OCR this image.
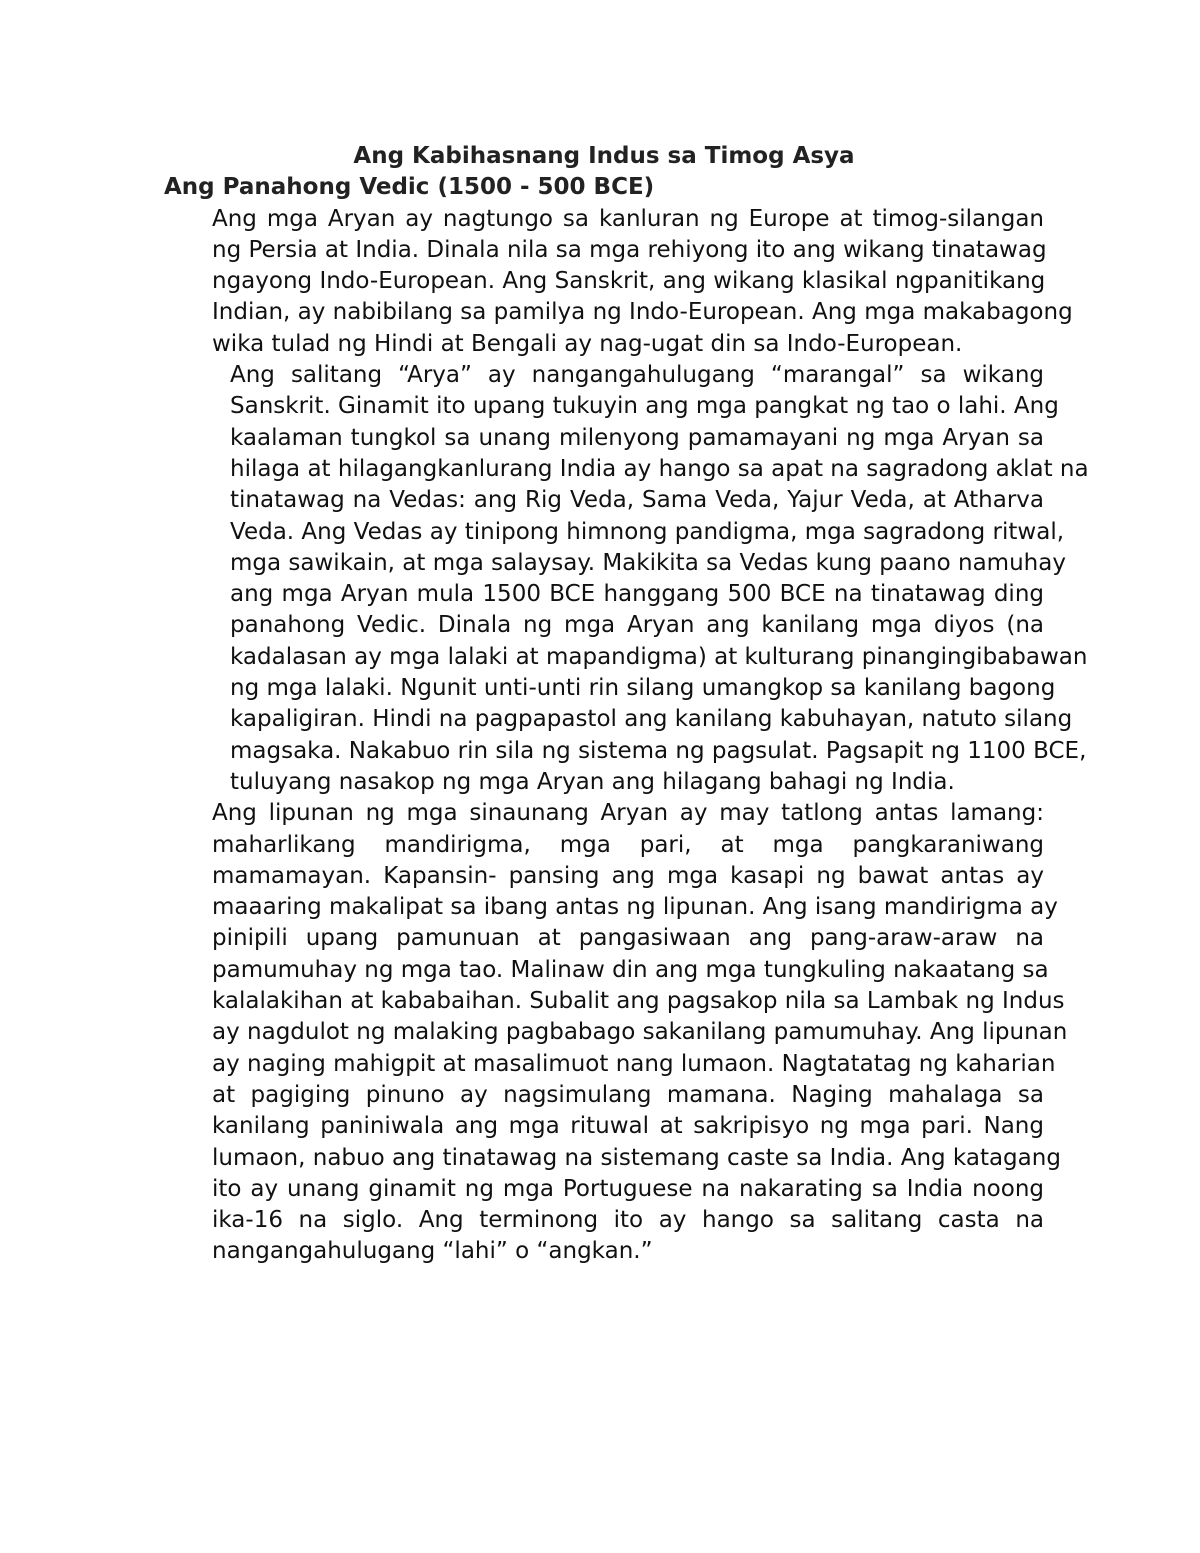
Ang Kabihasnang Indus sa Timog Asya
Ang Panahong Vedic (1500 - 500 BCE)
Ang mga Aryan ay nagtungo sa kanluran ng Europe at timog-silangan
ng Persia at India. Dinala nila sa mga rehiyong ito ang wikang tinatawag
ngayong Indo-European. Ang Sanskrit, ang wikang klasikal ngpanitikang
Indian, ay nabibilang sa pamilya ng Indo-European. Ang mga makabagong
wika tulad ng Hindi at Bengali ay nag-ugat din sa Indo-European.
Ang salitang “Arya” ay nangangahulugang “marangal” sa wikang
Sanskrit. Ginamit ito upang tukuyin ang mga pangkat ng tao o lahi. Ang
kaalaman tungkol sa unang milenyong pamamayani ng mga Aryan sa
hilaga at hilagangkanlurang India ay hango sa apat na sagradong aklat na
tinatawag na Vedas: ang Rig Veda, Sama Veda, Yajur Veda, at Atharva
Veda. Ang Vedas ay tinipong himnong pandigma, mga sagradong ritwal,
mga sawikain, at mga salaysay. Makikita sa Vedas kung paano namuhay
ang mga Aryan mula 1500 BCE hanggang 500 BCE na tinatawag ding
panahong Vedic. Dinala ng mga Aryan ang kanilang mga diyos (na
kadalasan ay mga lalaki at mapandigma) at kulturang pinangingibabawan
ng mga lalaki. Ngunit unti-unti rin silang umangkop sa kanilang bagong
kapaligiran. Hindi na pagpapastol ang kanilang kabuhayan, natuto silang
magsaka. Nakabuo rin sila ng sistema ng pagsulat. Pagsapit ng 1100 BCE,
tuluyang nasakop ng mga Aryan ang hilagang bahagi ng India.
Ang lipunan ng mga sinaunang Aryan ay may tatlong antas lamang:
maharlikang mandirigma, mga pari, at mga pangkaraniwang
mamamayan. Kapansin- pansing ang mga kasapi ng bawat antas ay
maaaring makalipat sa ibang antas ng lipunan. Ang isang mandirigma ay
pinipili upang pamunuan at pangasiwaan ang pang-araw-araw na
pamumuhay ng mga tao. Malinaw din ang mga tungkuling nakaatang sa
kalalakihan at kababaihan. Subalit ang pagsakop nila sa Lambak ng Indus
ay nagdulot ng malaking pagbabago sakanilang pamumuhay. Ang lipunan
ay naging mahigpit at masalimuot nang lumaon. Nagtatatag ng kaharian
at pagiging pinuno ay nagsimulang mamana. Naging mahalaga sa
kanilang paniniwala ang mga rituwal at sakripisyo ng mga pari. Nang
lumaon, nabuo ang tinatawag na sistemang caste sa India. Ang katagang
ito ay unang ginamit ng mga Portuguese na nakarating sa India noong
ika-16 na siglo. Ang terminong ito ay hango sa salitang casta na
nangangahulugang “lahi” o “angkan.”
